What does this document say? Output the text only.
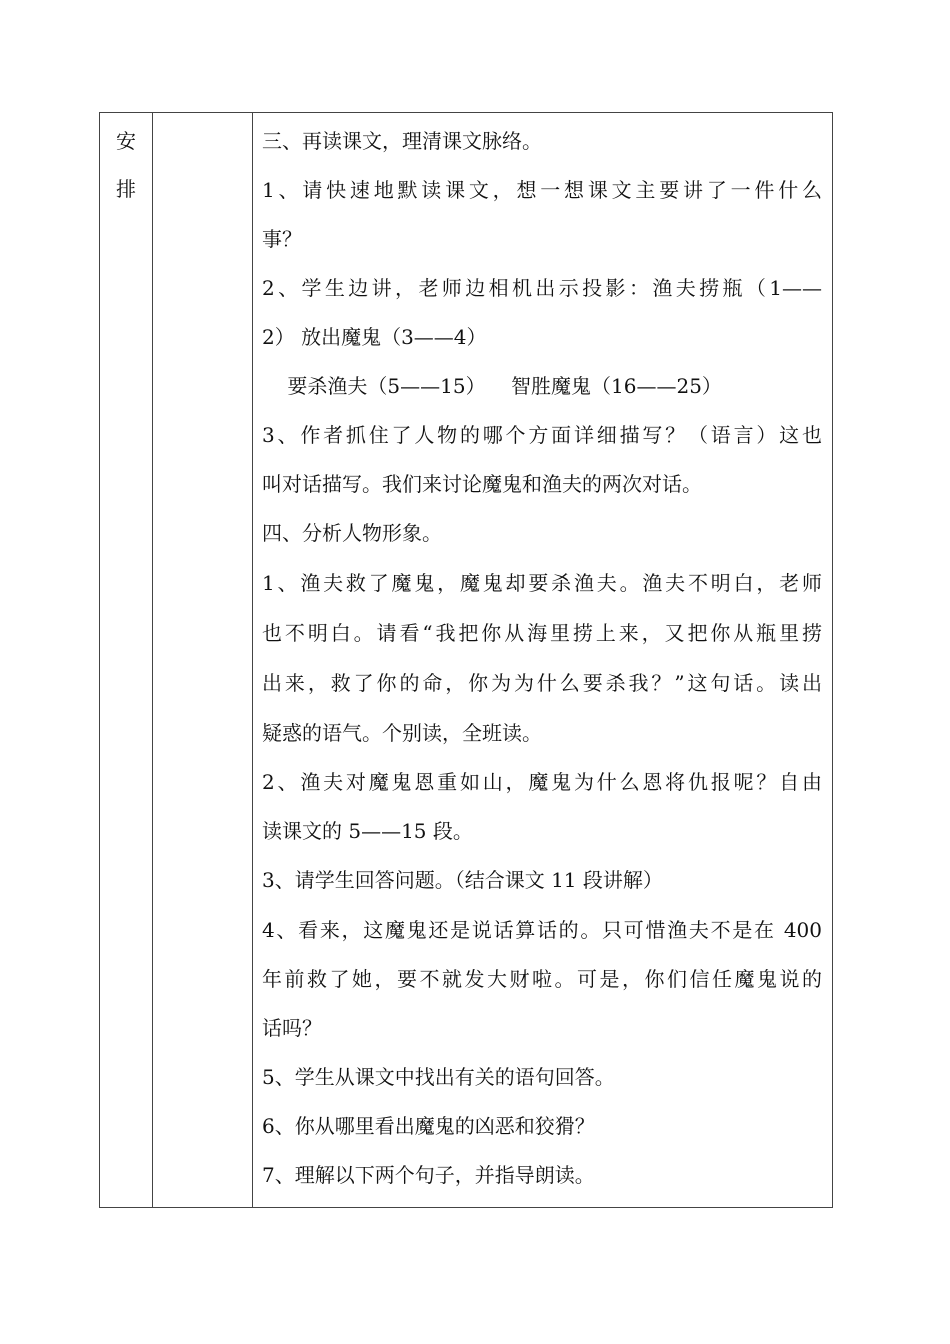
安
排
三、再读课文，理清课文脉络。
1、请快速地默读课文，想一想课文主要讲了一件什么
事？
2、学生边讲，老师边相机出示投影：渔夫捞瓶（1——
2） 放出魔鬼（3——4）
要杀渔夫（5——15）    智胜魔鬼（16——25）
3、作者抓住了人物的哪个方面详细描写？（语言）这也
叫对话描写。我们来讨论魔鬼和渔夫的两次对话。
四、分析人物形象。
1、渔夫救了魔鬼，魔鬼却要杀渔夫。渔夫不明白，老师
也不明白。请看“我把你从海里捞上来，又把你从瓶里捞
出来，救了你的命，你为为什么要杀我？”这句话。读出
疑惑的语气。个别读，全班读。
2、渔夫对魔鬼恩重如山，魔鬼为什么恩将仇报呢？自由
读课文的 5——15 段。
3、请学生回答问题。（结合课文 11 段讲解）
4、看来，这魔鬼还是说话算话的。只可惜渔夫不是在 400
年前救了她，要不就发大财啦。可是，你们信任魔鬼说的
话吗？
5、学生从课文中找出有关的语句回答。
6、你从哪里看出魔鬼的凶恶和狡猾？
7、理解以下两个句子，并指导朗读。
